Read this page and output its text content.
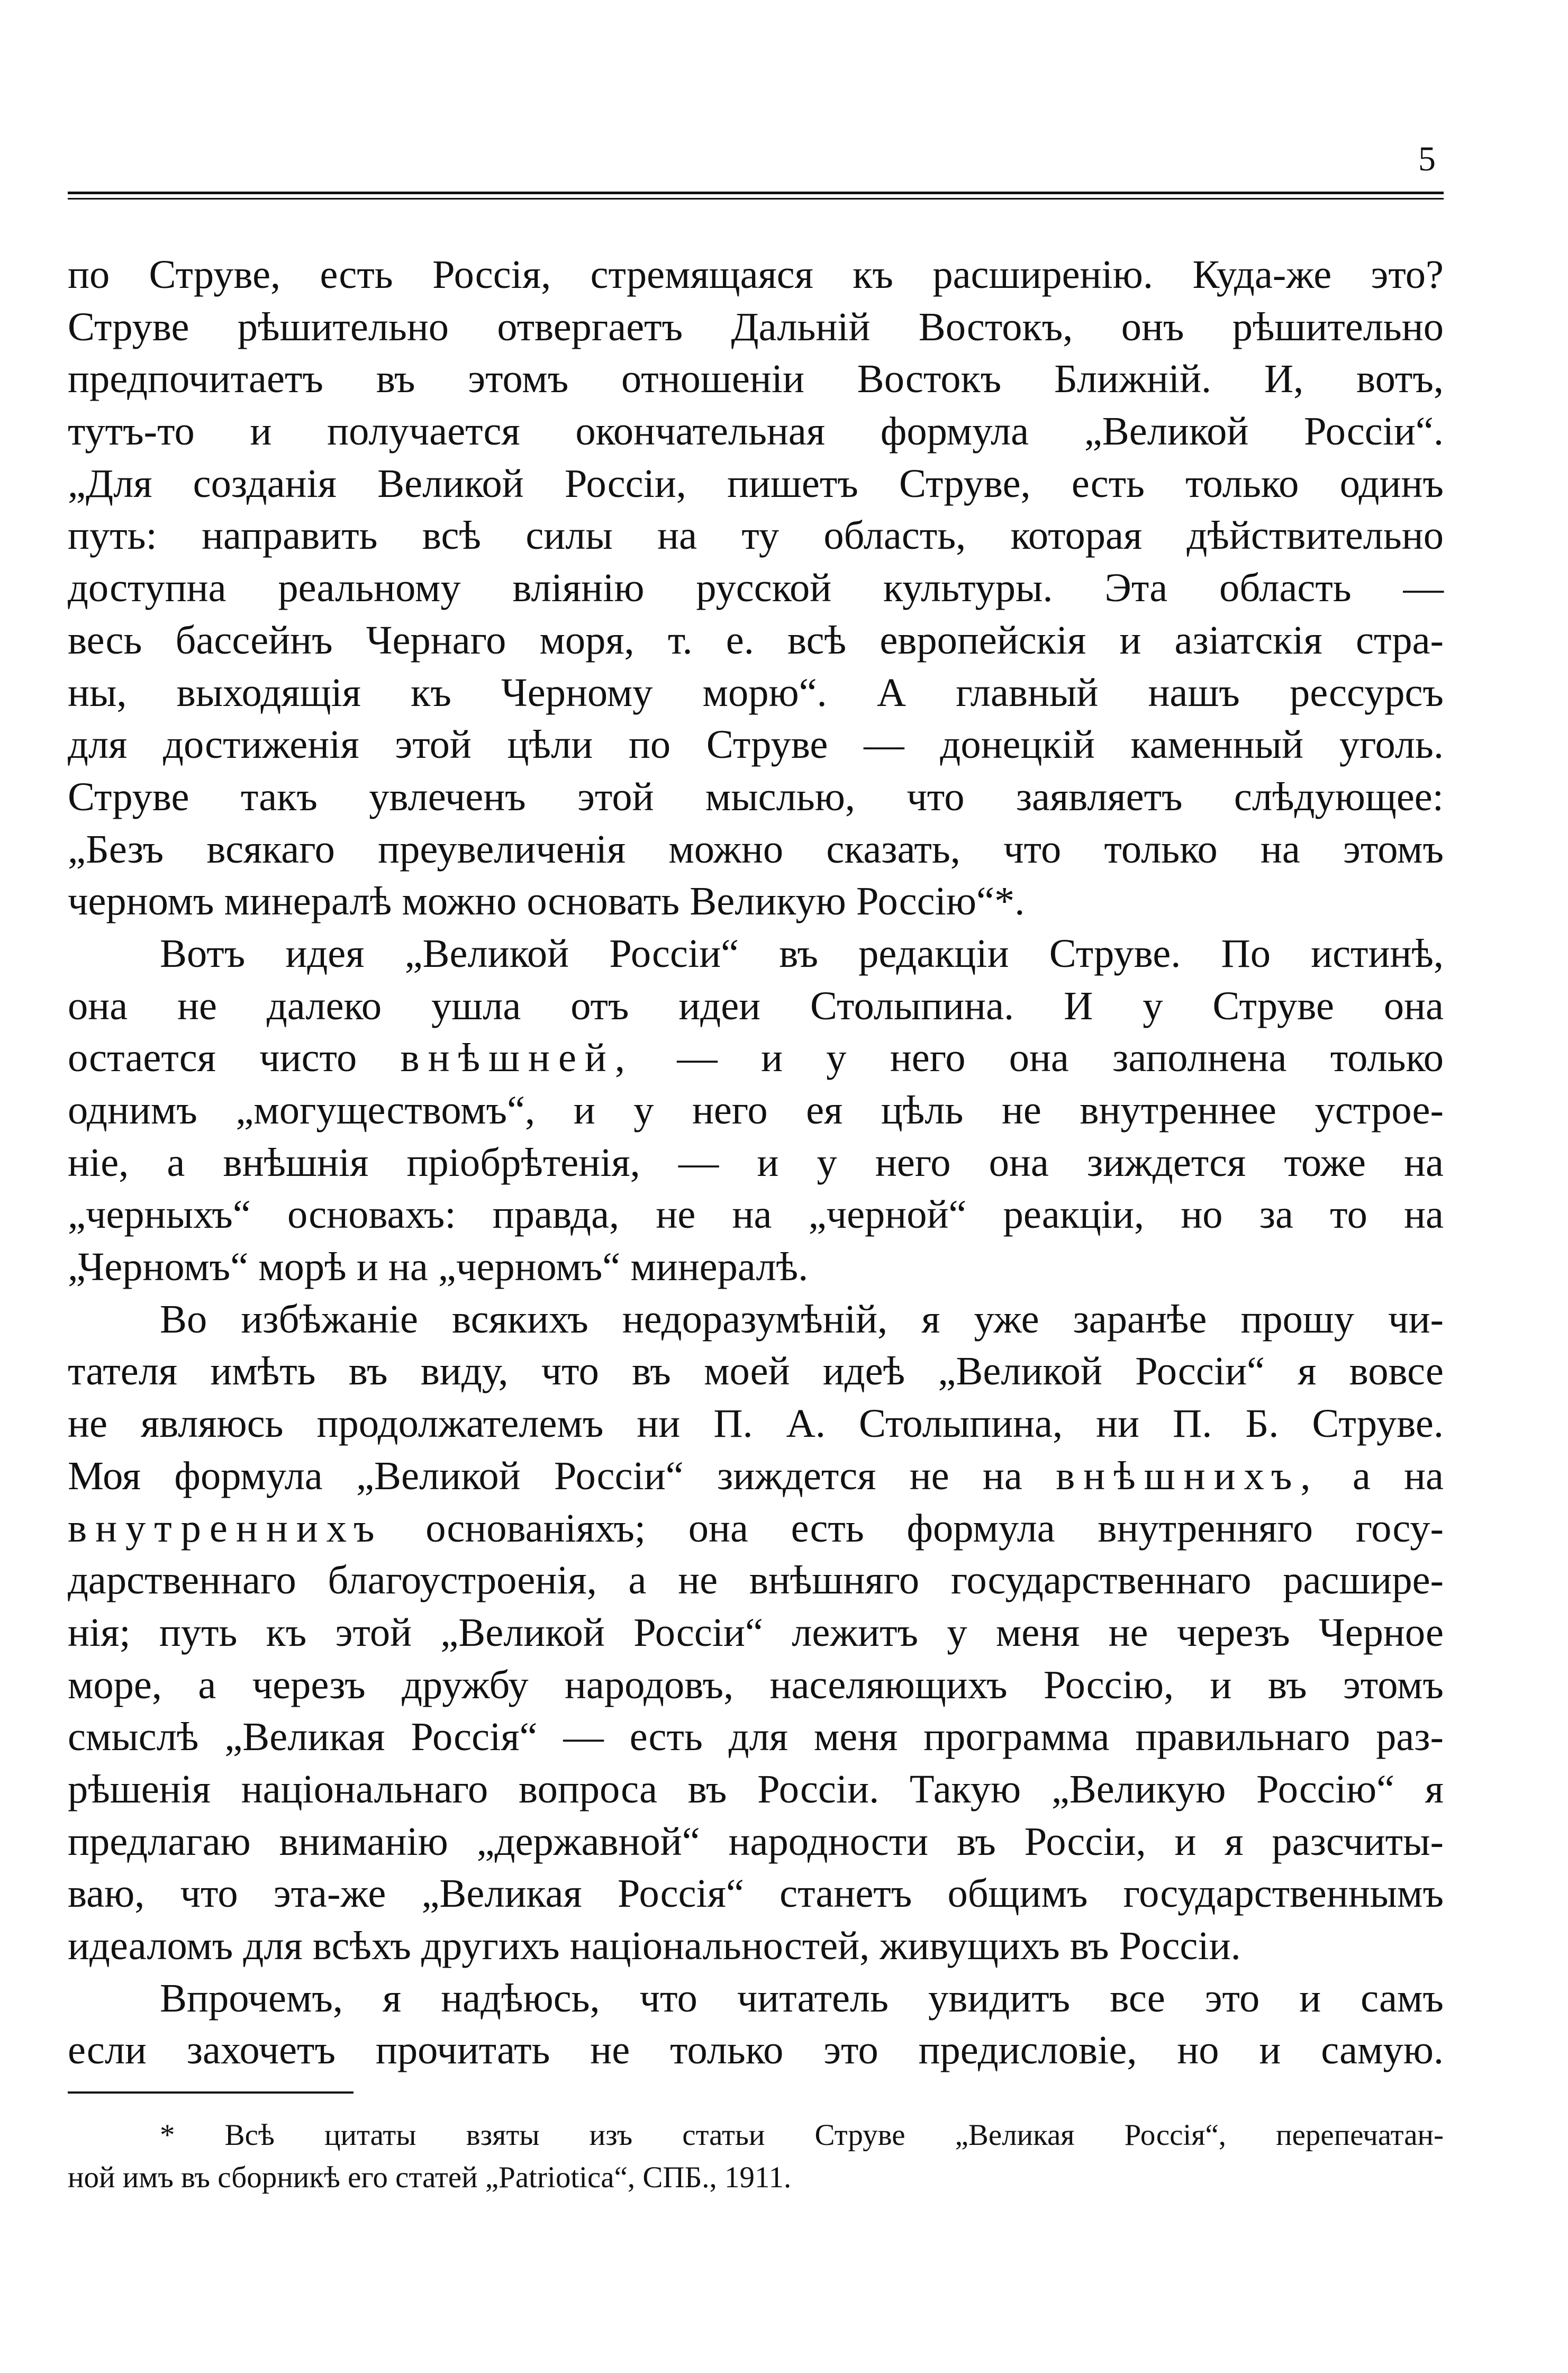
5
по Струве, есть Россія, стремящаяся къ расширенію. Куда-же это?
Струве рѣшительно отвергаетъ Дальній Востокъ, онъ рѣшительно
предпочитаетъ въ этомъ отношеніи Востокъ Ближній. И, вотъ,
тутъ-то и получается окончательная формула „Великой Россіи“.
„Для созданія Великой Россіи, пишетъ Струве, есть только одинъ
путь: направить всѣ силы на ту область, которая дѣйствительно
доступна реальному вліянію русской культуры. Эта область —
весь бассейнъ Чернаго моря, т. е. всѣ европейскія и азіатскія стра-
ны, выходящія къ Черному морю“. А главный нашъ рессурсъ
для достиженія этой цѣли по Струве — донецкій каменный уголь.
Струве такъ увлеченъ этой мыслью, что заявляетъ слѣдующее:
„Безъ всякаго преувеличенія можно сказать, что только на этомъ
черномъ минералѣ можно основать Великую Россію“*.
Вотъ идея „Великой Россіи“ въ редакціи Струве. По истинѣ,
она не далеко ушла отъ идеи Столыпина. И у Струве она
остается чисто внѣшней, — и у него она заполнена только
однимъ „могуществомъ“, и у него ея цѣль не внутреннее устрое-
ніе, а внѣшнія пріобрѣтенія, — и у него она зиждется тоже на
„черныхъ“ основахъ: правда, не на „черной“ реакціи, но за то на
„Черномъ“ морѣ и на „черномъ“ минералѣ.
Во избѣжаніе всякихъ недоразумѣній, я уже заранѣе прошу чи-
тателя имѣть въ виду, что въ моей идеѣ „Великой Россіи“ я вовсе
не являюсь продолжателемъ ни П. А. Столыпина, ни П. Б. Струве.
Моя формула „Великой Россіи“ зиждется не на внѣшнихъ, а на
внутреннихъ основаніяхъ; она есть формула внутренняго госу-
дарственнаго благоустроенія, а не внѣшняго государственнаго расшире-
нія; путь къ этой „Великой Россіи“ лежитъ у меня не черезъ Черное
море, а черезъ дружбу народовъ, населяющихъ Россію, и въ этомъ
смыслѣ „Великая Россія“ — есть для меня программа правильнаго раз-
рѣшенія національнаго вопроса въ Россіи. Такую „Великую Россію“ я
предлагаю вниманію „державной“ народности въ Россіи, и я разсчиты-
ваю, что эта-же „Великая Россія“ станетъ общимъ государственнымъ
идеаломъ для всѣхъ другихъ національностей, живущихъ въ Россіи.
Впрочемъ, я надѣюсь, что читатель увидитъ все это и самъ
если захочетъ прочитать не только это предисловіе, но и самую.
* Всѣ цитаты взяты изъ статьи Струве „Великая Россія“, перепечатан-
ной имъ въ сборникѣ его статей „Patriotica“, СПБ., 1911.
